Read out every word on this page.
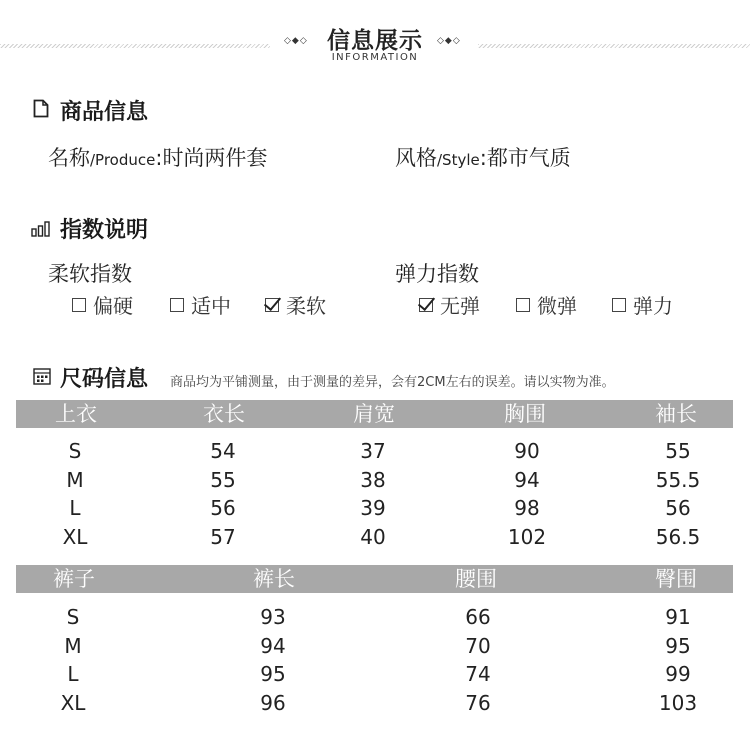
◇◆◇	◇◆◇
信息展示
INFORMATION
商品信息
名称/Produce:时尚两件套	风格/Style:都市气质
指数说明
柔软指数	弹力指数
偏硬	适中	柔软	无弹	微弹	弹力
尺码信息 商品均为平铺测量，由于测量的差异，会有2CM左右的误差。请以实物为准。
上衣	衣长	肩宽	胸围	袖长
S	54	37	90	55
M	55	38	94	55.5
L	56	39	98	56
XL	57	40	102	56.5
裤子	裤长	腰围	臀围
S	93	66	91
M	94	70	95
L	95	74	99
XL	96	76	103
